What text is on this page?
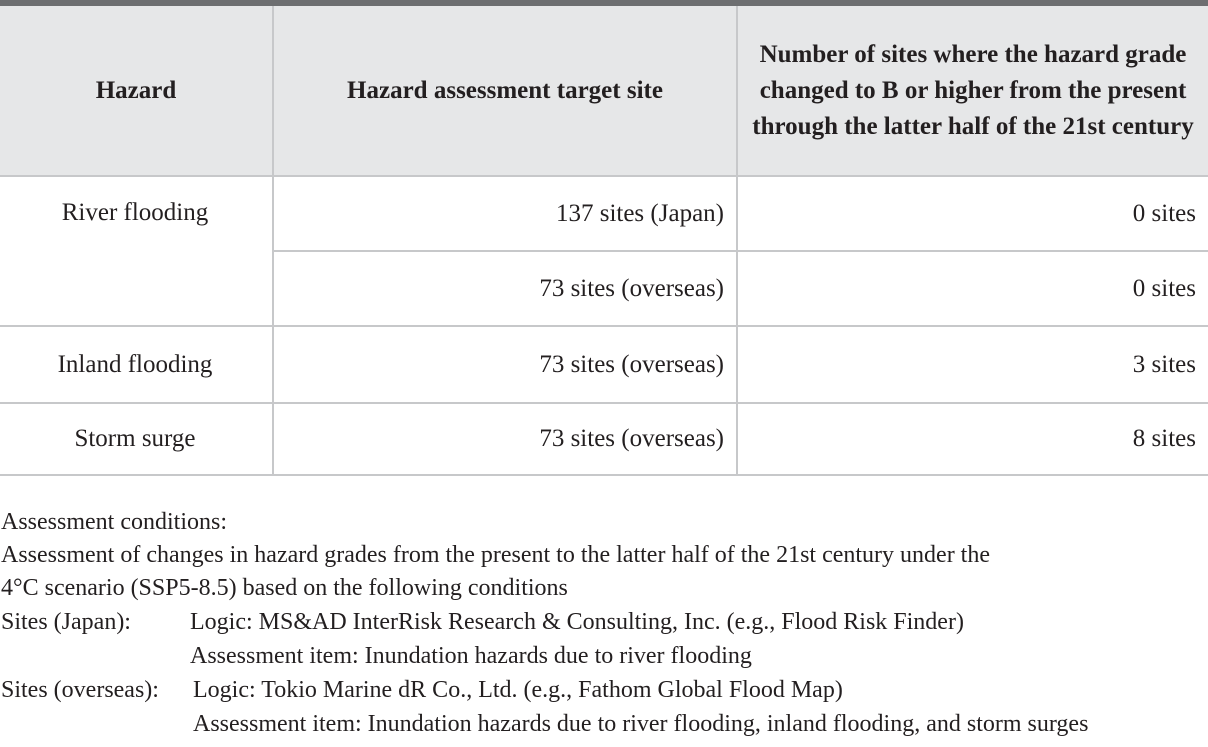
Hazard	Hazard assessment target site	Number of sites where the hazard grade changed to B or higher from the present through the latter half of the 21st century
River flooding	137 sites (Japan)	0 sites
	73 sites (overseas)	0 sites
Inland flooding	73 sites (overseas)	3 sites
Storm surge	73 sites (overseas)	8 sites

Assessment conditions:

Assessment of changes in hazard grades from the present to the latter half of the 21st century under the

4°C scenario (SSP5-8.5) based on the following conditions

Sites (Japan):	Logic: MS&AD InterRisk Research & Consulting, Inc. (e.g., Flood Risk Finder)
Assessment item: Inundation hazards due to river flooding
Sites (overseas):	Logic: Tokio Marine dR Co., Ltd. (e.g., Fathom Global Flood Map)
Assessment item: Inundation hazards due to river flooding, inland flooding, and storm surges
